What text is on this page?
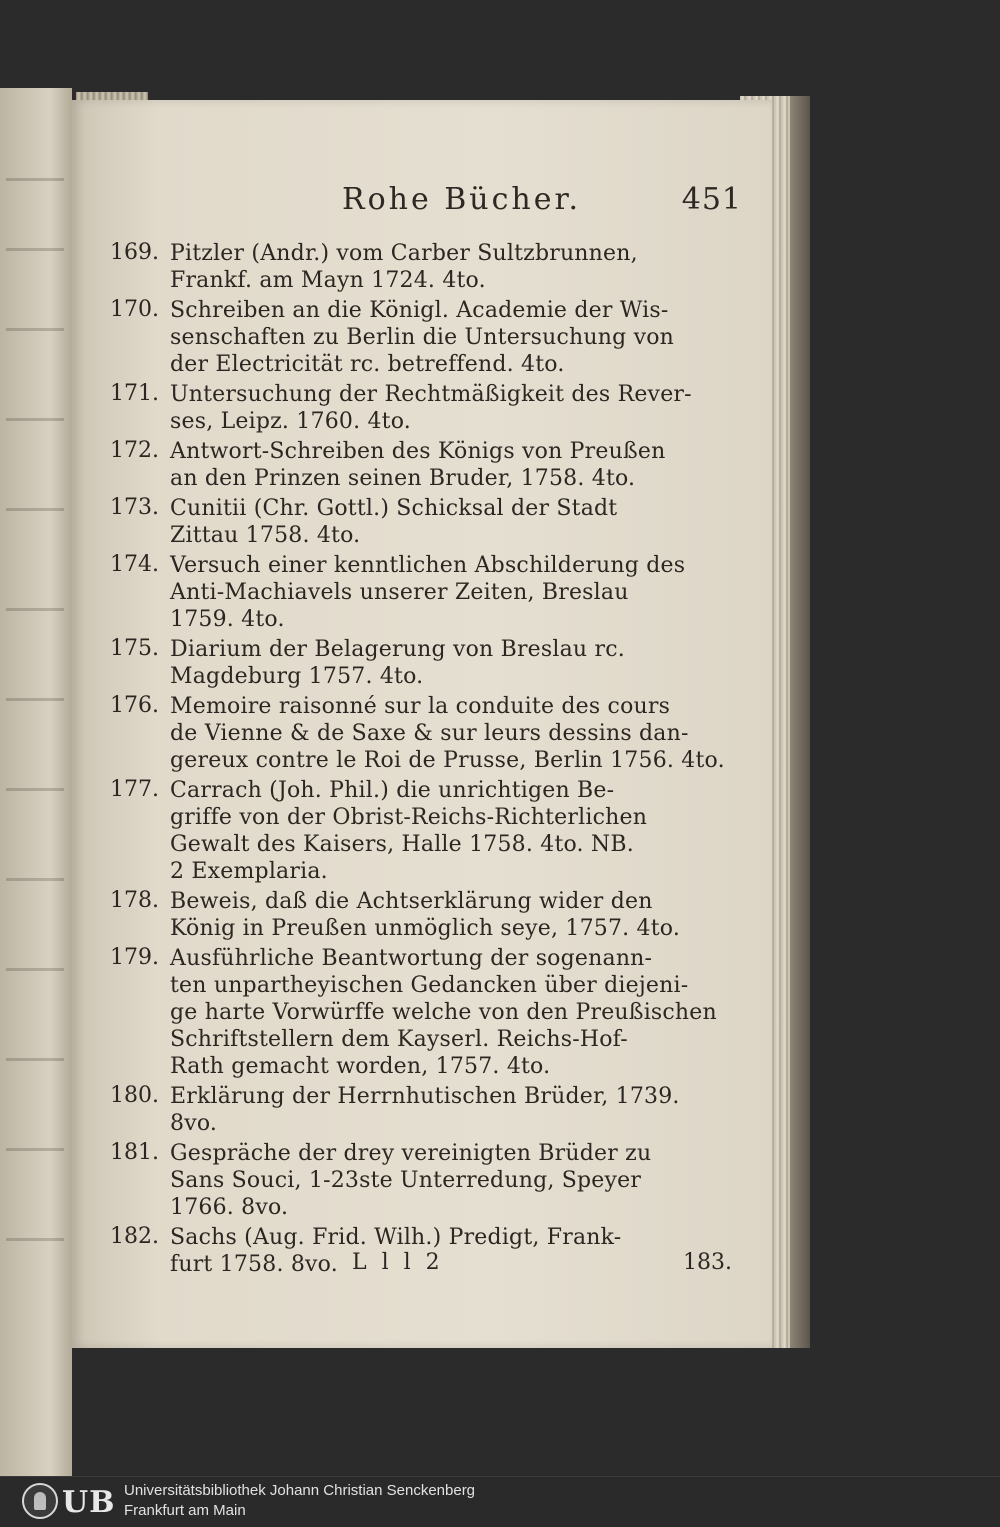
Rohe Bücher.	451
169. Pitzler (Andr.) vom Carber Sultzbrunnen,
Frankf. am Mayn 1724. 4to.
170. Schreiben an die Königl. Academie der Wis-
senschaften zu Berlin die Untersuchung von
der Electricität rc. betreffend. 4to.
171. Untersuchung der Rechtmäßigkeit des Rever-
ses, Leipz. 1760. 4to.
172. Antwort-Schreiben des Königs von Preußen
an den Prinzen seinen Bruder, 1758. 4to.
173. Cunitii (Chr. Gottl.) Schicksal der Stadt
Zittau 1758. 4to.
174. Versuch einer kenntlichen Abschilderung des
Anti-Machiavels unserer Zeiten, Breslau
1759. 4to.
175. Diarium der Belagerung von Breslau rc.
Magdeburg 1757. 4to.
176. Memoire raisonné sur la conduite des cours
de Vienne & de Saxe & sur leurs dessins dan-
gereux contre le Roi de Prusse, Berlin 1756. 4to.
177. Carrach (Joh. Phil.) die unrichtigen Be-
griffe von der Obrist-Reichs-Richterlichen
Gewalt des Kaisers, Halle 1758. 4to. NB.
2 Exemplaria.
178. Beweis, daß die Achtserklärung wider den
König in Preußen unmöglich seye, 1757. 4to.
179. Ausführliche Beantwortung der sogenann-
ten unpartheyischen Gedancken über diejeni-
ge harte Vorwürffe welche von den Preußischen
Schriftstellern dem Kayserl. Reichs-Hof-
Rath gemacht worden, 1757. 4to.
180. Erklärung der Herrnhutischen Brüder, 1739.
8vo.
181. Gespräche der drey vereinigten Brüder zu
Sans Souci, 1-23ste Unterredung, Speyer
1766. 8vo.
182. Sachs (Aug. Frid. Wilh.) Predigt, Frank-
furt 1758. 8vo. L l l 2	183.
UB Universitätsbibliothek Johann Christian Senckenberg
Frankfurt am Main
